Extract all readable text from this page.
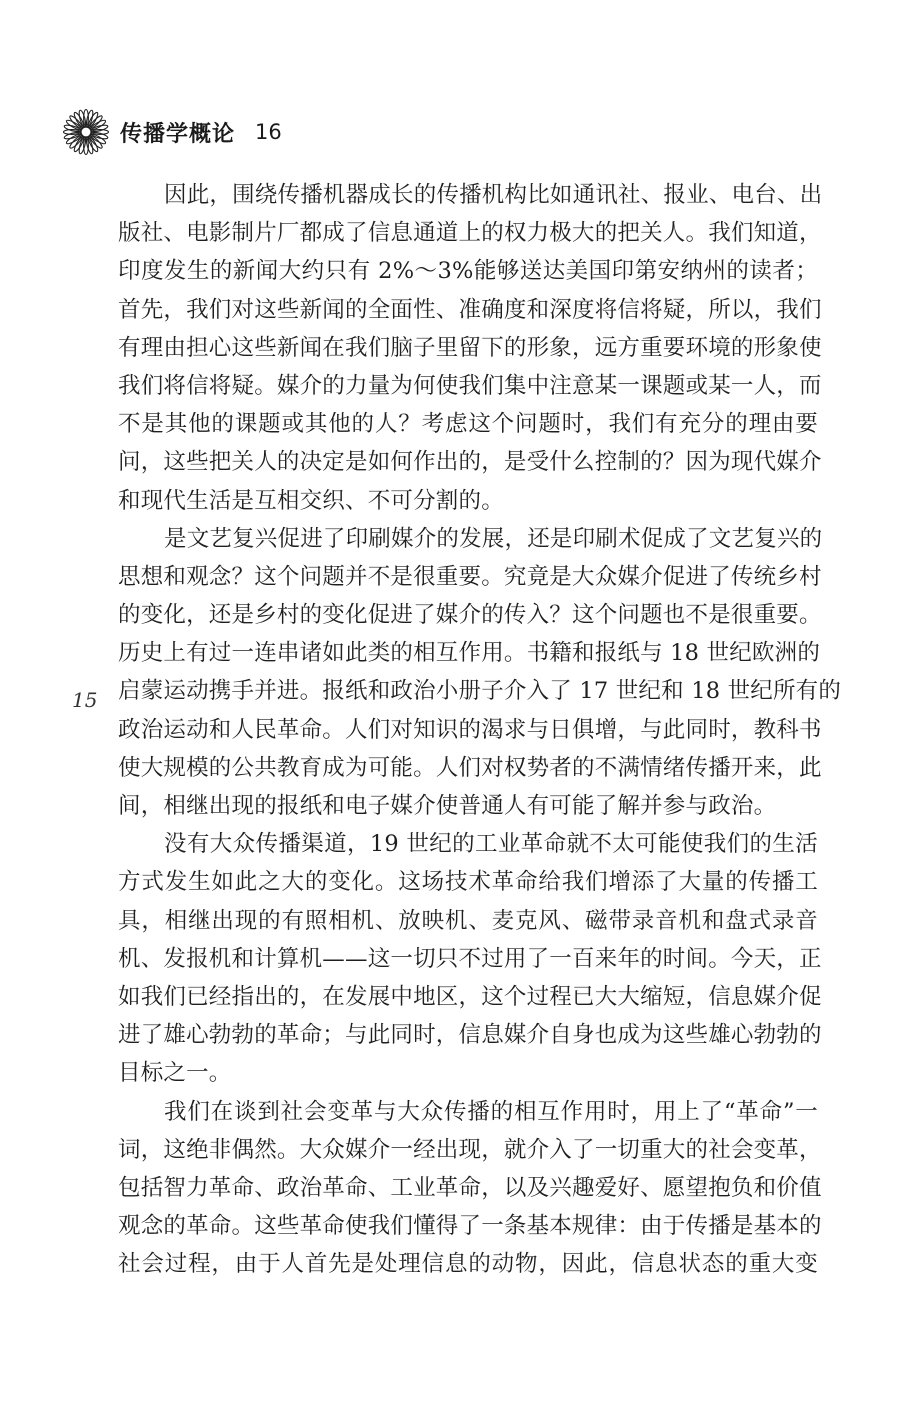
传播学概论 16
15
因此，围绕传播机器成长的传播机构比如通讯社、报业、电台、出
版社、电影制片厂都成了信息通道上的权力极大的把关人。我们知道，
印度发生的新闻大约只有 2%～3%能够送达美国印第安纳州的读者；
首先，我们对这些新闻的全面性、准确度和深度将信将疑，所以，我们
有理由担心这些新闻在我们脑子里留下的形象，远方重要环境的形象使
我们将信将疑。媒介的力量为何使我们集中注意某一课题或某一人，而
不是其他的课题或其他的人？考虑这个问题时，我们有充分的理由要
问，这些把关人的决定是如何作出的，是受什么控制的？因为现代媒介
和现代生活是互相交织、不可分割的。
是文艺复兴促进了印刷媒介的发展，还是印刷术促成了文艺复兴的
思想和观念？这个问题并不是很重要。究竟是大众媒介促进了传统乡村
的变化，还是乡村的变化促进了媒介的传入？这个问题也不是很重要。
历史上有过一连串诸如此类的相互作用。书籍和报纸与 18 世纪欧洲的
启蒙运动携手并进。报纸和政治小册子介入了 17 世纪和 18 世纪所有的
政治运动和人民革命。人们对知识的渴求与日俱增，与此同时，教科书
使大规模的公共教育成为可能。人们对权势者的不满情绪传播开来，此
间，相继出现的报纸和电子媒介使普通人有可能了解并参与政治。
没有大众传播渠道，19 世纪的工业革命就不太可能使我们的生活
方式发生如此之大的变化。这场技术革命给我们增添了大量的传播工
具，相继出现的有照相机、放映机、麦克风、磁带录音机和盘式录音
机、发报机和计算机——这一切只不过用了一百来年的时间。今天，正
如我们已经指出的，在发展中地区，这个过程已大大缩短，信息媒介促
进了雄心勃勃的革命；与此同时，信息媒介自身也成为这些雄心勃勃的
目标之一。
我们在谈到社会变革与大众传播的相互作用时，用上了“革命”一
词，这绝非偶然。大众媒介一经出现，就介入了一切重大的社会变革，
包括智力革命、政治革命、工业革命，以及兴趣爱好、愿望抱负和价值
观念的革命。这些革命使我们懂得了一条基本规律：由于传播是基本的
社会过程，由于人首先是处理信息的动物，因此，信息状态的重大变
